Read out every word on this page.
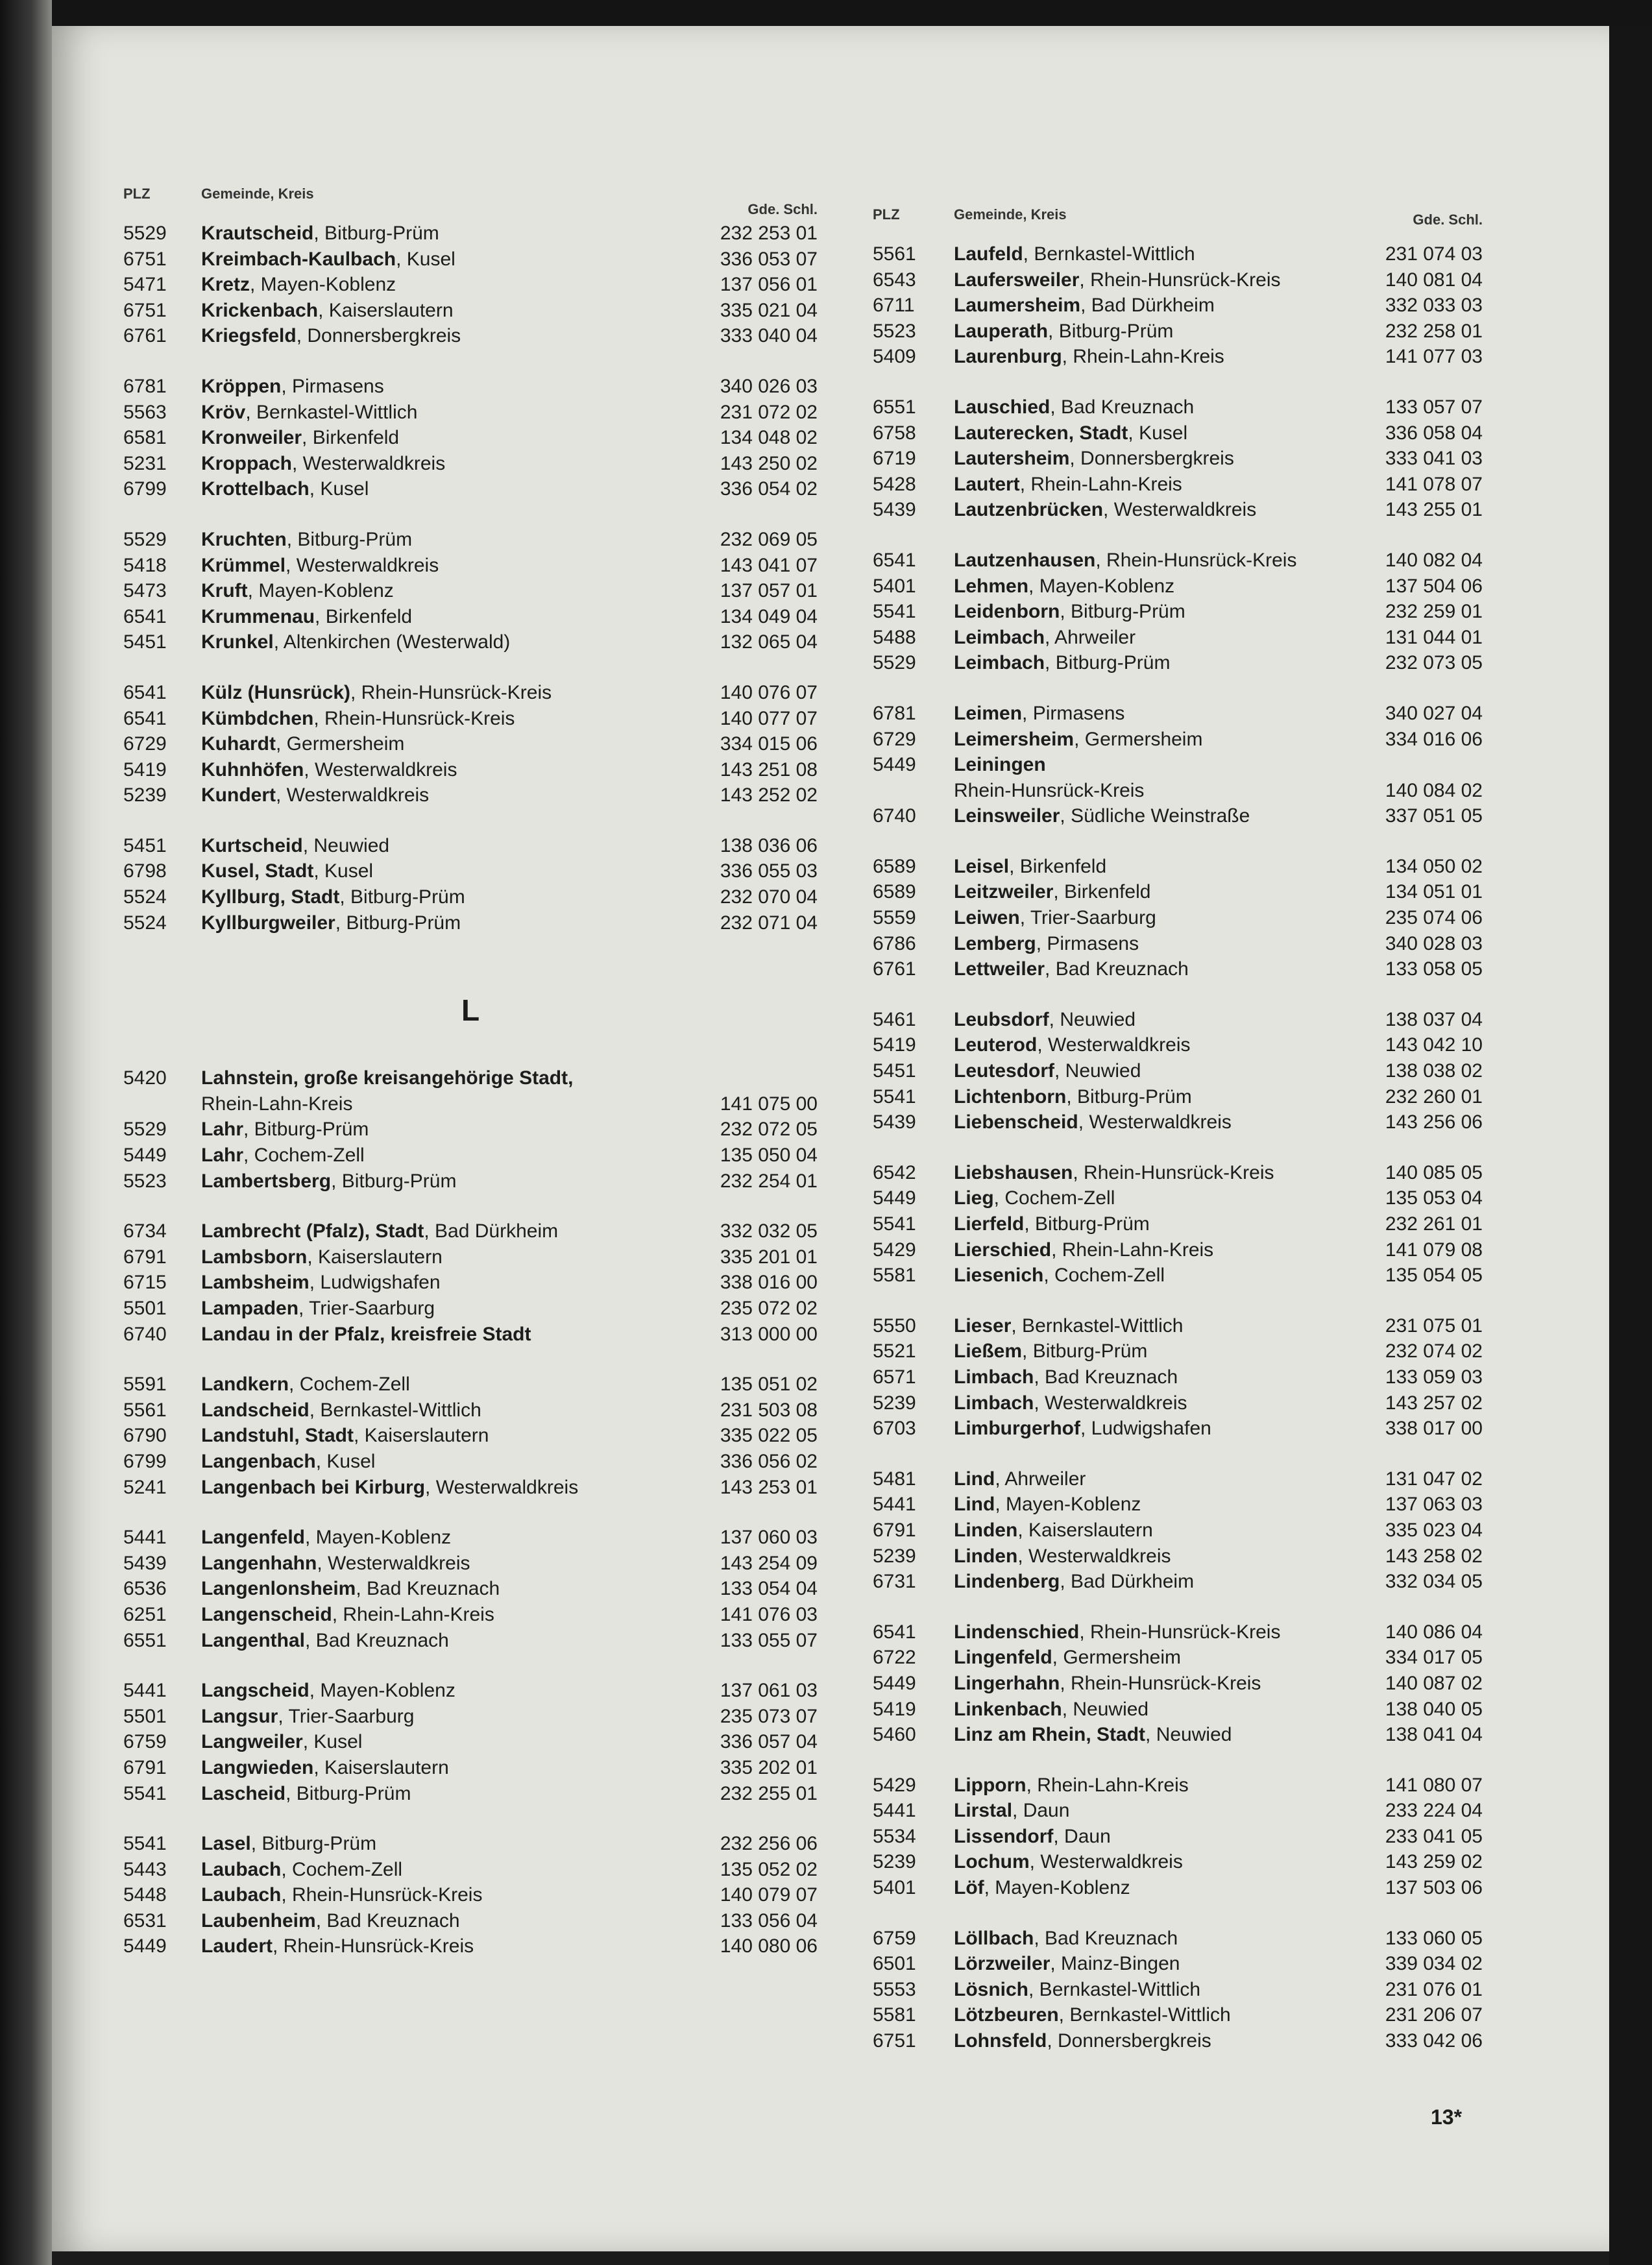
PLZ	Gemeinde, Kreis
Gde. Schl.
5529 Krautscheid, Bitburg-Prüm	232 253 01
6751 Kreimbach-Kaulbach, Kusel	336 053 07
5471 Kretz, Mayen-Koblenz	137 056 01
6751 Krickenbach, Kaiserslautern	335 021 04
6761 Kriegsfeld, Donnersbergkreis	333 040 04
6781 Kröppen, Pirmasens	340 026 03
5563 Kröv, Bernkastel-Wittlich	231 072 02
6581 Kronweiler, Birkenfeld	134 048 02
5231 Kroppach, Westerwaldkreis	143 250 02
6799 Krottelbach, Kusel	336 054 02
5529 Kruchten, Bitburg-Prüm	232 069 05
5418 Krümmel, Westerwaldkreis	143 041 07
5473 Kruft, Mayen-Koblenz	137 057 01
6541 Krummenau, Birkenfeld	134 049 04
5451 Krunkel, Altenkirchen (Westerwald)	132 065 04
6541 Külz (Hunsrück), Rhein-Hunsrück-Kreis	140 076 07
6541 Kümbdchen, Rhein-Hunsrück-Kreis	140 077 07
6729 Kuhardt, Germersheim	334 015 06
5419 Kuhnhöfen, Westerwaldkreis	143 251 08
5239 Kundert, Westerwaldkreis	143 252 02
5451 Kurtscheid, Neuwied	138 036 06
6798 Kusel, Stadt, Kusel	336 055 03
5524 Kyllburg, Stadt, Bitburg-Prüm	232 070 04
5524 Kyllburgweiler, Bitburg-Prüm	232 071 04
L
5420 Lahnstein, große kreisangehörige Stadt,
Rhein-Lahn-Kreis	141 075 00
5529 Lahr, Bitburg-Prüm	232 072 05
5449 Lahr, Cochem-Zell	135 050 04
5523 Lambertsberg, Bitburg-Prüm	232 254 01
6734 Lambrecht (Pfalz), Stadt, Bad Dürkheim	332 032 05
6791 Lambsborn, Kaiserslautern	335 201 01
6715 Lambsheim, Ludwigshafen	338 016 00
5501 Lampaden, Trier-Saarburg	235 072 02
6740 Landau in der Pfalz, kreisfreie Stadt	313 000 00
5591 Landkern, Cochem-Zell	135 051 02
5561 Landscheid, Bernkastel-Wittlich	231 503 08
6790 Landstuhl, Stadt, Kaiserslautern	335 022 05
6799 Langenbach, Kusel	336 056 02
5241 Langenbach bei Kirburg, Westerwaldkreis	143 253 01
5441 Langenfeld, Mayen-Koblenz	137 060 03
5439 Langenhahn, Westerwaldkreis	143 254 09
6536 Langenlonsheim, Bad Kreuznach	133 054 04
6251 Langenscheid, Rhein-Lahn-Kreis	141 076 03
6551 Langenthal, Bad Kreuznach	133 055 07
5441 Langscheid, Mayen-Koblenz	137 061 03
5501 Langsur, Trier-Saarburg	235 073 07
6759 Langweiler, Kusel	336 057 04
6791 Langwieden, Kaiserslautern	335 202 01
5541 Lascheid, Bitburg-Prüm	232 255 01
5541 Lasel, Bitburg-Prüm	232 256 06
5443 Laubach, Cochem-Zell	135 052 02
5448 Laubach, Rhein-Hunsrück-Kreis	140 079 07
6531 Laubenheim, Bad Kreuznach	133 056 04
5449 Laudert, Rhein-Hunsrück-Kreis	140 080 06
PLZ	Gemeinde, Kreis	Gde. Schl.
5561 Laufeld, Bernkastel-Wittlich	231 074 03
6543 Laufersweiler, Rhein-Hunsrück-Kreis	140 081 04
6711 Laumersheim, Bad Dürkheim	332 033 03
5523 Lauperath, Bitburg-Prüm	232 258 01
5409 Laurenburg, Rhein-Lahn-Kreis	141 077 03
6551 Lauschied, Bad Kreuznach	133 057 07
6758 Lauterecken, Stadt, Kusel	336 058 04
6719 Lautersheim, Donnersbergkreis	333 041 03
5428 Lautert, Rhein-Lahn-Kreis	141 078 07
5439 Lautzenbrücken, Westerwaldkreis	143 255 01
6541 Lautzenhausen, Rhein-Hunsrück-Kreis	140 082 04
5401 Lehmen, Mayen-Koblenz	137 504 06
5541 Leidenborn, Bitburg-Prüm	232 259 01
5488 Leimbach, Ahrweiler	131 044 01
5529 Leimbach, Bitburg-Prüm	232 073 05
6781 Leimen, Pirmasens	340 027 04
6729 Leimersheim, Germersheim	334 016 06
5449 Leiningen
Rhein-Hunsrück-Kreis	140 084 02
6740 Leinsweiler, Südliche Weinstraße	337 051 05
6589 Leisel, Birkenfeld	134 050 02
6589 Leitzweiler, Birkenfeld	134 051 01
5559 Leiwen, Trier-Saarburg	235 074 06
6786 Lemberg, Pirmasens	340 028 03
6761 Lettweiler, Bad Kreuznach	133 058 05
5461 Leubsdorf, Neuwied	138 037 04
5419 Leuterod, Westerwaldkreis	143 042 10
5451 Leutesdorf, Neuwied	138 038 02
5541 Lichtenborn, Bitburg-Prüm	232 260 01
5439 Liebenscheid, Westerwaldkreis	143 256 06
6542 Liebshausen, Rhein-Hunsrück-Kreis	140 085 05
5449 Lieg, Cochem-Zell	135 053 04
5541 Lierfeld, Bitburg-Prüm	232 261 01
5429 Lierschied, Rhein-Lahn-Kreis	141 079 08
5581 Liesenich, Cochem-Zell	135 054 05
5550 Lieser, Bernkastel-Wittlich	231 075 01
5521 Ließem, Bitburg-Prüm	232 074 02
6571 Limbach, Bad Kreuznach	133 059 03
5239 Limbach, Westerwaldkreis	143 257 02
6703 Limburgerhof, Ludwigshafen	338 017 00
5481 Lind, Ahrweiler	131 047 02
5441 Lind, Mayen-Koblenz	137 063 03
6791 Linden, Kaiserslautern	335 023 04
5239 Linden, Westerwaldkreis	143 258 02
6731 Lindenberg, Bad Dürkheim	332 034 05
6541 Lindenschied, Rhein-Hunsrück-Kreis	140 086 04
6722 Lingenfeld, Germersheim	334 017 05
5449 Lingerhahn, Rhein-Hunsrück-Kreis	140 087 02
5419 Linkenbach, Neuwied	138 040 05
5460 Linz am Rhein, Stadt, Neuwied	138 041 04
5429 Lipporn, Rhein-Lahn-Kreis	141 080 07
5441 Lirstal, Daun	233 224 04
5534 Lissendorf, Daun	233 041 05
5239 Lochum, Westerwaldkreis	143 259 02
5401 Löf, Mayen-Koblenz	137 503 06
6759 Löllbach, Bad Kreuznach	133 060 05
6501 Lörzweiler, Mainz-Bingen	339 034 02
5553 Lösnich, Bernkastel-Wittlich	231 076 01
5581 Lötzbeuren, Bernkastel-Wittlich	231 206 07
6751 Lohnsfeld, Donnersbergkreis	333 042 06
13*
